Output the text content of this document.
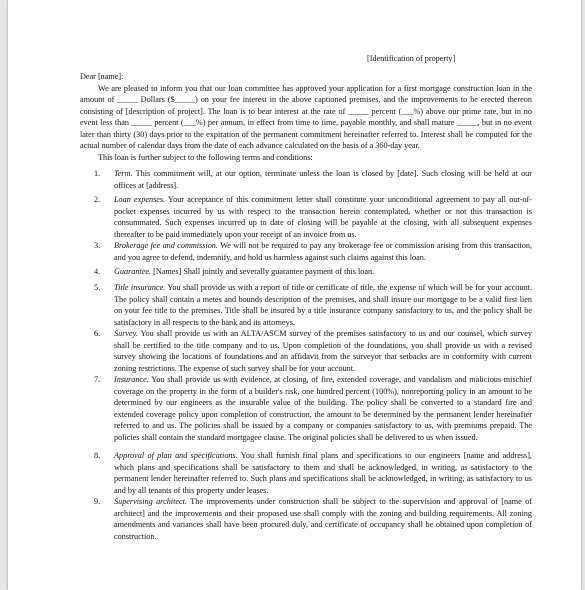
[Identification of property]

Dear [name]:

We are pleased to inform you that our loan committee has approved your application for a first mortgage construction loan in the amount of _____ Dollars ($_____) on your fee interest in the above captioned premises, and the improvements to be erected thereon consisting of [description of project]. The loan is to bear interest at the rate of _____ percent (___%) above our prime rate, but in no event less than _____ percent (___%) per annum, in effect from time to time, payable monthly, and shall mature _____, but in no event later than thirty (30) days prior to the expiration of the permanent commitment hereinafter referred to. Interest shall be computed for the actual number of calendar days from the date of each advance calculated on the basis of a 360-day year.

This loan is further subject to the following terms and conditions:

1. Term. This commitment will, at our option, terminate unless the loan is closed by [date]. Such closing will be held at our offices at [address].
2. Loan expenses. Your acceptance of this commitment letter shall constitute your unconditional agreement to pay all out-of-pocket expenses incurred by us with respect to the transaction herein contemplated, whether or not this transaction is consummated. Such expenses incurred up to date of closing will be payable at the closing, with all subsequent expenses thereafter to be paid immediately upon your receipt of an invoice from us.
3. Brokerage fee and commission. We will not be required to pay any brokerage fee or commission arising from this transaction, and you agree to defend, indemnify, and hold us harmless against such claims against this loan.
4. Guarantee. [Names] Shall jointly and severally guarantee payment of this loan.
5. Title insurance. You shall provide us with a report of title or certificate of title, the expense of which will be for your account. The policy shall contain a metes and bounds description of the premises, and shall insure our mortgage to be a valid first lien on your fee title to the premises. Title shall be insured by a title insurance company satisfactory to us, and the policy shall be satisfactory in all respects to the bank and its attorneys.
6. Survey. You shall provide us with an ALTA/ASCM survey of the premises satisfactory to us and our counsel, which survey shall be certified to the title company and to us. Upon completion of the foundations, you shall provide us with a revised survey showing the locations of foundations and an affidavit from the surveyor that setbacks are in conformity with current zoning restrictions. The expense of such survey shall be for your account.
7. Insurance. You shall provide us with evidence, at closing, of fire, extended coverage, and vandalism and malicious mischief coverage on the property in the form of a builder's risk, one hundred percent (100%), nonreporting policy in an amount to be determined by our engineers as the insurable value of the building. The policy shall be converted to a standard fire and extended coverage policy upon completion of construction, the amount to be determined by the permanent lender hereinafter referred to and us. The policies shall be issued by a company or companies satisfactory to us, with premiums prepaid. The policies shall contain the standard mortgagee clause. The original policies shall be delivered to us when issued.
8. Approval of plan and specifications. You shall furnish final plans and specifications to our engineers [name and address], which plans and specifications shall be satisfactory to them and shall be acknowledged, in writing, as satisfactory to the permanent lender hereinafter referred to. Such plans and specifications shall be acknowledged, in writing, as satisfactory to us and by all tenants of this property under leases.
9. Supervising architect. The improvements under construction shall be subject to the supervision and approval of [name of architect] and the improvements and their proposed use shall comply with the zoning and building requirements. All zoning amendments and variances shall have been procured duly, and certificate of occupancy shall be obtained upon completion of construction.
